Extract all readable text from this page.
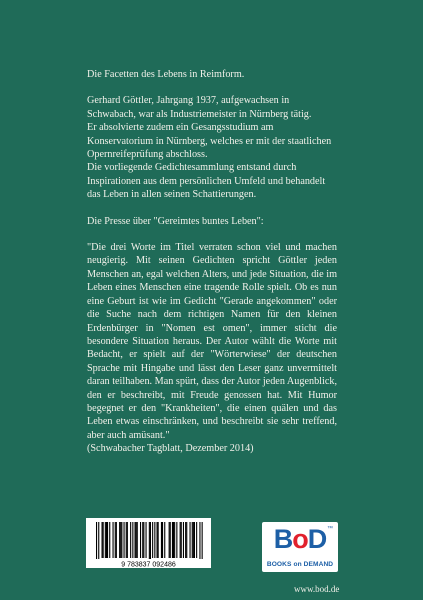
Die Facetten des Lebens in Reimform.

Gerhard Göttler, Jahrgang 1937, aufgewachsen in Schwabach, war als Industriemeister in Nürnberg tätig.

Er absolvierte zudem ein Gesangsstudium am Konservatorium in Nürnberg, welches er mit der staatlichen Opernreifeprüfung abschloss.

Die vorliegende Gedichtesammlung entstand durch Inspirationen aus dem persönlichen Umfeld und behandelt das Leben in allen seinen Schattierungen.

Die Presse über "Gereimtes buntes Leben":

"Die drei Worte im Titel verraten schon viel und machen neugierig. Mit seinen Gedichten spricht Göttler jeden Menschen an, egal welchen Alters, und jede Situation, die im Leben eines Menschen eine tragende Rolle spielt. Ob es nun eine Geburt ist wie im Gedicht "Gerade angekommen" oder die Suche nach dem richtigen Namen für den kleinen Erdenbürger in "Nomen est omen", immer sticht die besondere Situation heraus. Der Autor wählt die Worte mit Bedacht, er spielt auf der "Wörterwiese" der deutschen Sprache mit Hingabe und lässt den Leser ganz unvermittelt daran teilhaben. Man spürt, dass der Autor jeden Augenblick, den er beschreibt, mit Freude genossen hat. Mit Humor begegnet er den "Krankheiten", die einen quälen und das Leben etwas einschränken, und beschreibt sie sehr treffend, aber auch amüsant."

(Schwabacher Tagblatt, Dezember 2014)

9 783837 092486
BoD ™
BOOKS on DEMAND
www.bod.de
